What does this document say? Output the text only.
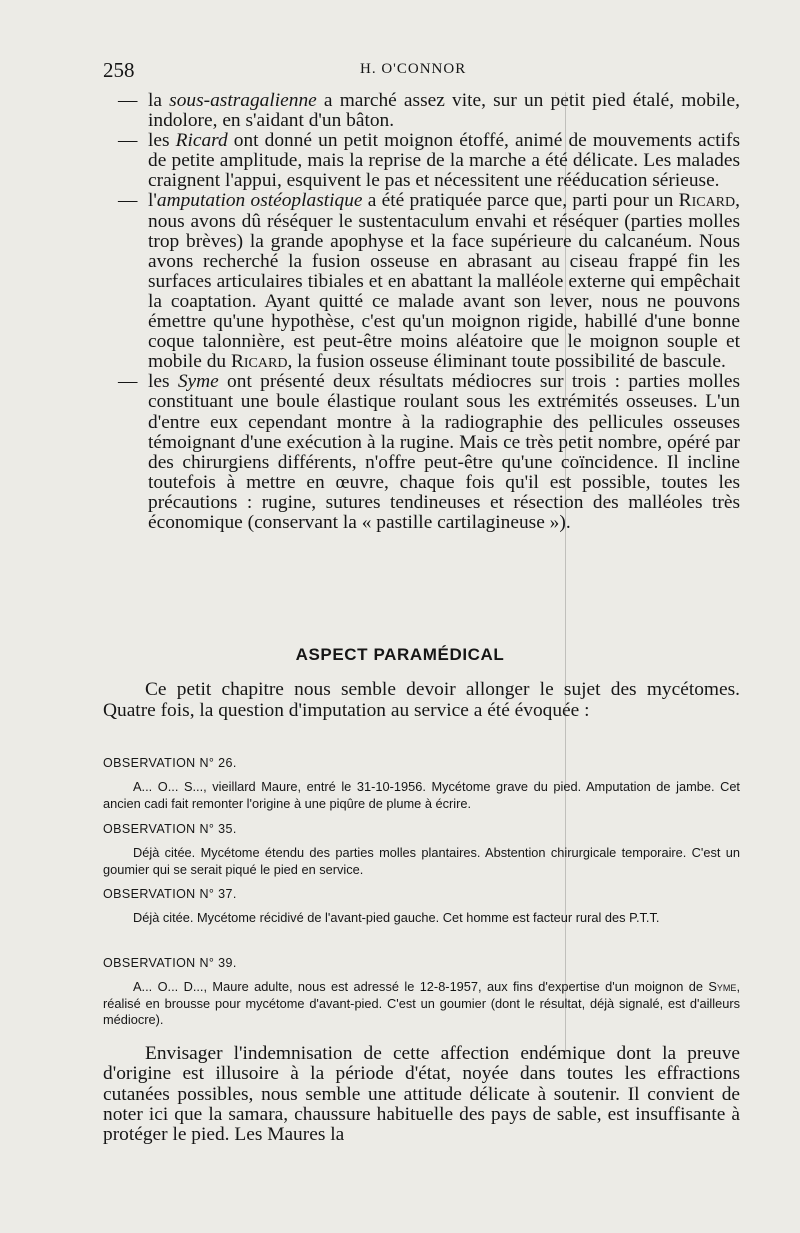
258	H. O'CONNOR

— la sous-astragalienne a marché assez vite, sur un petit pied étalé, mobile, indolore, en s'aidant d'un bâton.

— les Ricard ont donné un petit moignon étoffé, animé de mouvements actifs de petite amplitude, mais la reprise de la marche a été délicate. Les malades craignent l'appui, esquivent le pas et nécessitent une rééducation sérieuse.

— l'amputation ostéoplastique a été pratiquée parce que, parti pour un Ricard, nous avons dû réséquer le sustentaculum envahi et réséquer (parties molles trop brèves) la grande apophyse et la face supérieure du calcanéum. Nous avons recherché la fusion osseuse en abrasant au ciseau frappé fin les surfaces articulaires tibiales et en abattant la malléole externe qui empêchait la coaptation. Ayant quitté ce malade avant son lever, nous ne pouvons émettre qu'une hypothèse, c'est qu'un moignon rigide, habillé d'une bonne coque talonnière, est peut-être moins aléatoire que le moignon souple et mobile du Ricard, la fusion osseuse éliminant toute possibilité de bascule.

— les Syme ont présenté deux résultats médiocres sur trois : parties molles constituant une boule élastique roulant sous les extrémités osseuses. L'un d'entre eux cependant montre à la radiographie des pellicules osseuses témoignant d'une exécution à la rugine. Mais ce très petit nombre, opéré par des chirurgiens différents, n'offre peut-être qu'une coïncidence. Il incline toutefois à mettre en œuvre, chaque fois qu'il est possible, toutes les précautions : rugine, sutures tendineuses et résection des malléoles très économique (conservant la « pastille cartilagineuse »).

ASPECT PARAMÉDICAL

Ce petit chapitre nous semble devoir allonger le sujet des mycétomes. Quatre fois, la question d'imputation au service a été évoquée :

OBSERVATION N° 26.

A... O... S..., vieillard Maure, entré le 31-10-1956. Mycétome grave du pied. Amputation de jambe. Cet ancien cadi fait remonter l'origine à une piqûre de plume à écrire.

OBSERVATION N° 35.

Déjà citée. Mycétome étendu des parties molles plantaires. Abstention chirurgicale temporaire. C'est un goumier qui se serait piqué le pied en service.

OBSERVATION N° 37.

Déjà citée. Mycétome récidivé de l'avant-pied gauche. Cet homme est facteur rural des P.T.T.

OBSERVATION N° 39.

A... O... D..., Maure adulte, nous est adressé le 12-8-1957, aux fins d'expertise d'un moignon de Syme, réalisé en brousse pour mycétome d'avant-pied. C'est un goumier (dont le résultat, déjà signalé, est d'ailleurs médiocre).

Envisager l'indemnisation de cette affection endémique dont la preuve d'origine est illusoire à la période d'état, noyée dans toutes les effractions cutanées possibles, nous semble une attitude délicate à soutenir. Il convient de noter ici que la samara, chaussure habituelle des pays de sable, est insuffisante à protéger le pied. Les Maures la
